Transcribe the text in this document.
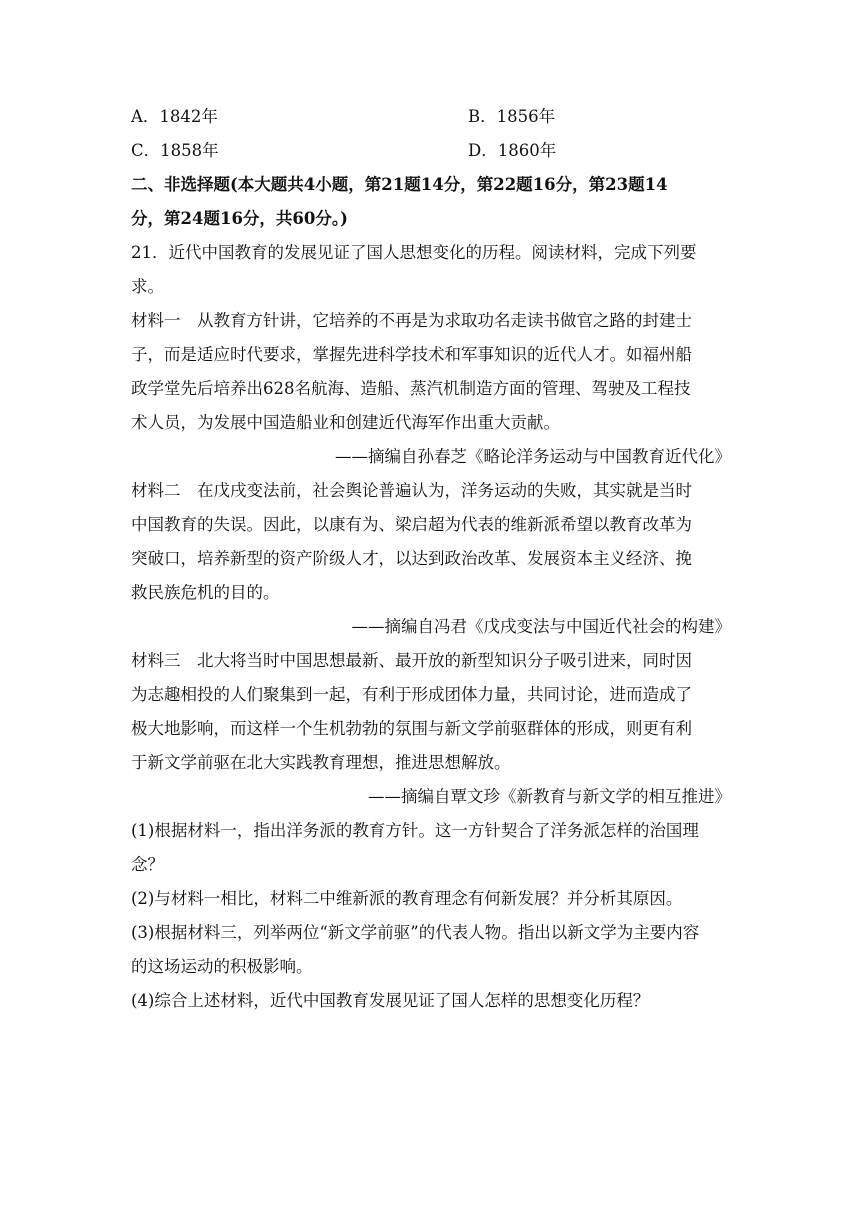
A．1842年	B．1856年
C．1858年	D．1860年
二、非选择题(本大题共4小题，第21题14分，第22题16分，第23题14
分，第24题16分，共60分。)
21．近代中国教育的发展见证了国人思想变化的历程。阅读材料，完成下列要
求。
材料一　从教育方针讲，它培养的不再是为求取功名走读书做官之路的封建士
子，而是适应时代要求，掌握先进科学技术和军事知识的近代人才。如福州船
政学堂先后培养出628名航海、造船、蒸汽机制造方面的管理、驾驶及工程技
术人员，为发展中国造船业和创建近代海军作出重大贡献。
——摘编自孙春芝《略论洋务运动与中国教育近代化》
材料二　在戊戌变法前，社会舆论普遍认为，洋务运动的失败，其实就是当时
中国教育的失误。因此，以康有为、梁启超为代表的维新派希望以教育改革为
突破口，培养新型的资产阶级人才，以达到政治改革、发展资本主义经济、挽
救民族危机的目的。
——摘编自冯君《戊戌变法与中国近代社会的构建》
材料三　北大将当时中国思想最新、最开放的新型知识分子吸引进来，同时因
为志趣相投的人们聚集到一起，有利于形成团体力量，共同讨论，进而造成了
极大地影响，而这样一个生机勃勃的氛围与新文学前驱群体的形成，则更有利
于新文学前驱在北大实践教育理想，推进思想解放。
——摘编自覃文珍《新教育与新文学的相互推进》
(1)根据材料一，指出洋务派的教育方针。这一方针契合了洋务派怎样的治国理
念？
(2)与材料一相比，材料二中维新派的教育理念有何新发展？并分析其原因。
(3)根据材料三，列举两位“新文学前驱”的代表人物。指出以新文学为主要内容
的这场运动的积极影响。
(4)综合上述材料，近代中国教育发展见证了国人怎样的思想变化历程？
